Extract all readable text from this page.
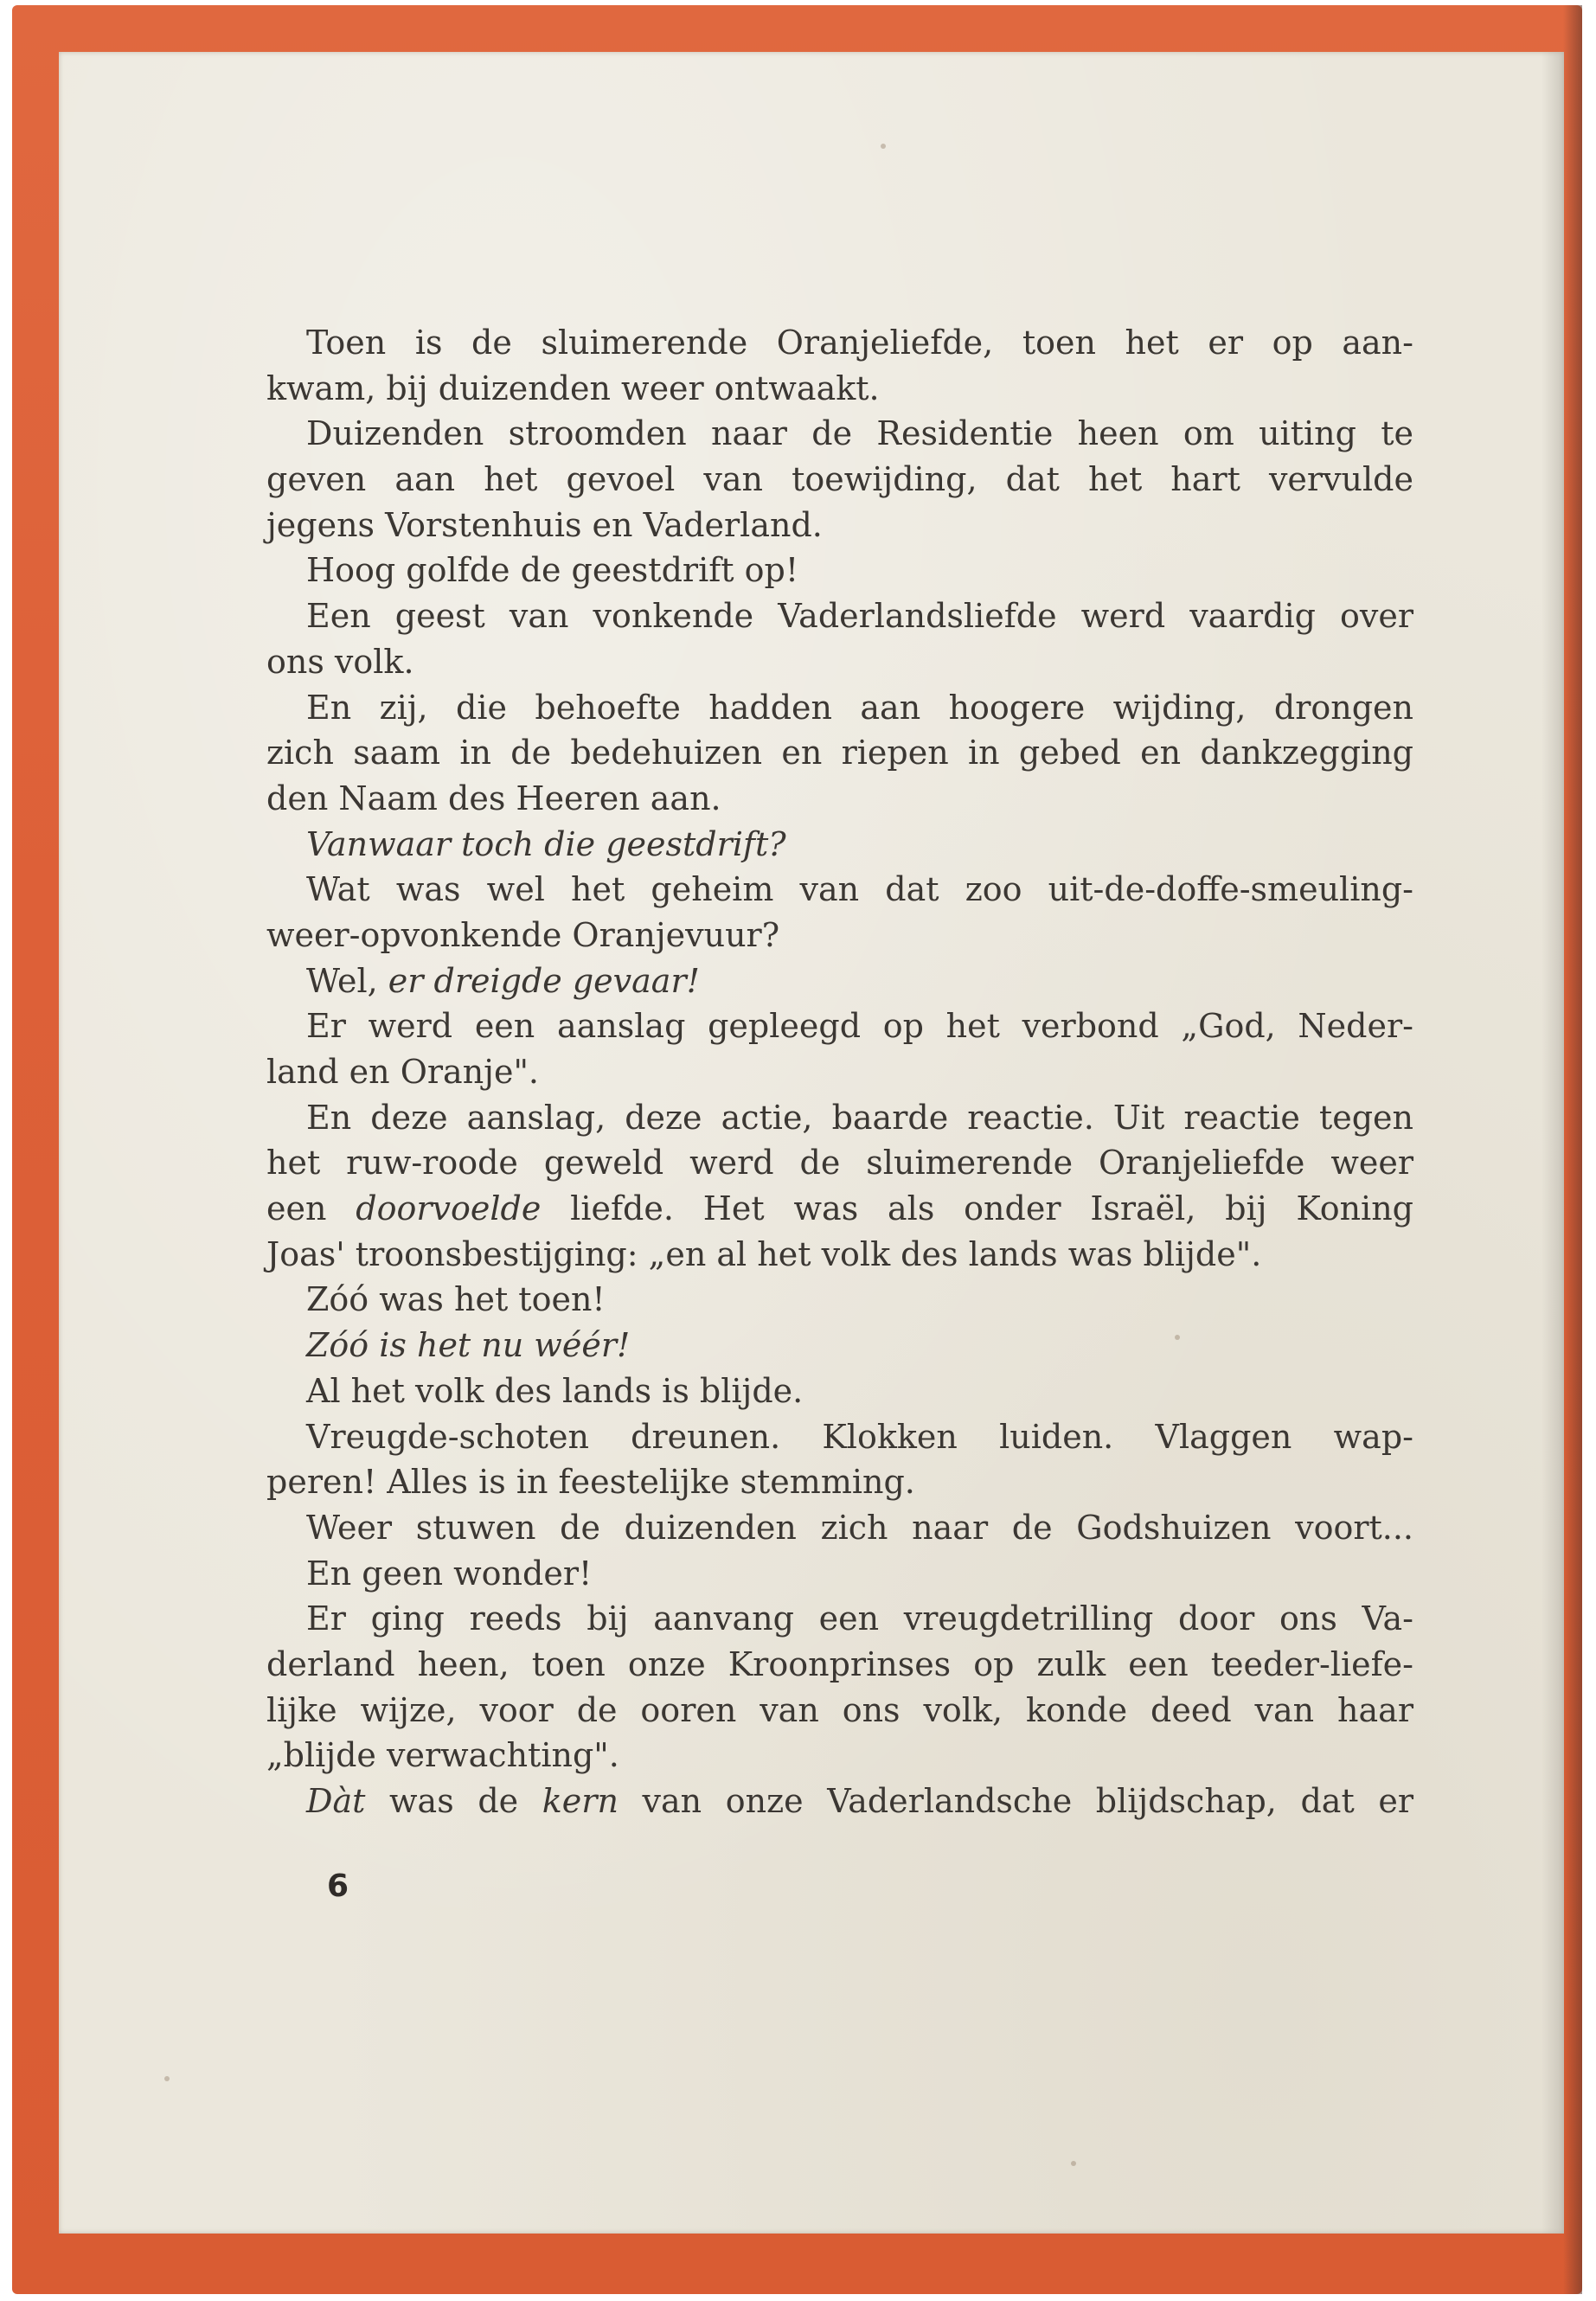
Toen is de sluimerende Oranjeliefde, toen het er op aan-
kwam, bij duizenden weer ontwaakt.
Duizenden stroomden naar de Residentie heen om uiting te
geven aan het gevoel van toewijding, dat het hart vervulde
jegens Vorstenhuis en Vaderland.
Hoog golfde de geestdrift op!
Een geest van vonkende Vaderlandsliefde werd vaardig over
ons volk.
En zij, die behoefte hadden aan hoogere wijding, drongen
zich saam in de bedehuizen en riepen in gebed en dankzegging
den Naam des Heeren aan.
Vanwaar toch die geestdrift?
Wat was wel het geheim van dat zoo uit-de-doffe-smeuling-
weer-opvonkende Oranjevuur?
Wel, er dreigde gevaar!
Er werd een aanslag gepleegd op het verbond „God, Neder-
land en Oranje".
En deze aanslag, deze actie, baarde reactie. Uit reactie tegen
het ruw-roode geweld werd de sluimerende Oranjeliefde weer
een doorvoelde liefde. Het was als onder Israël, bij Koning
Joas' troonsbestijging: „en al het volk des lands was blijde".
Zóó was het toen!
Zóó is het nu wéér!
Al het volk des lands is blijde.
Vreugde-schoten dreunen. Klokken luiden. Vlaggen wap-
peren! Alles is in feestelijke stemming.
Weer stuwen de duizenden zich naar de Godshuizen voort...
En geen wonder!
Er ging reeds bij aanvang een vreugdetrilling door ons Va-
derland heen, toen onze Kroonprinses op zulk een teeder-liefe-
lijke wijze, voor de ooren van ons volk, konde deed van haar
„blijde verwachting".
Dàt was de kern van onze Vaderlandsche blijdschap, dat er
6
